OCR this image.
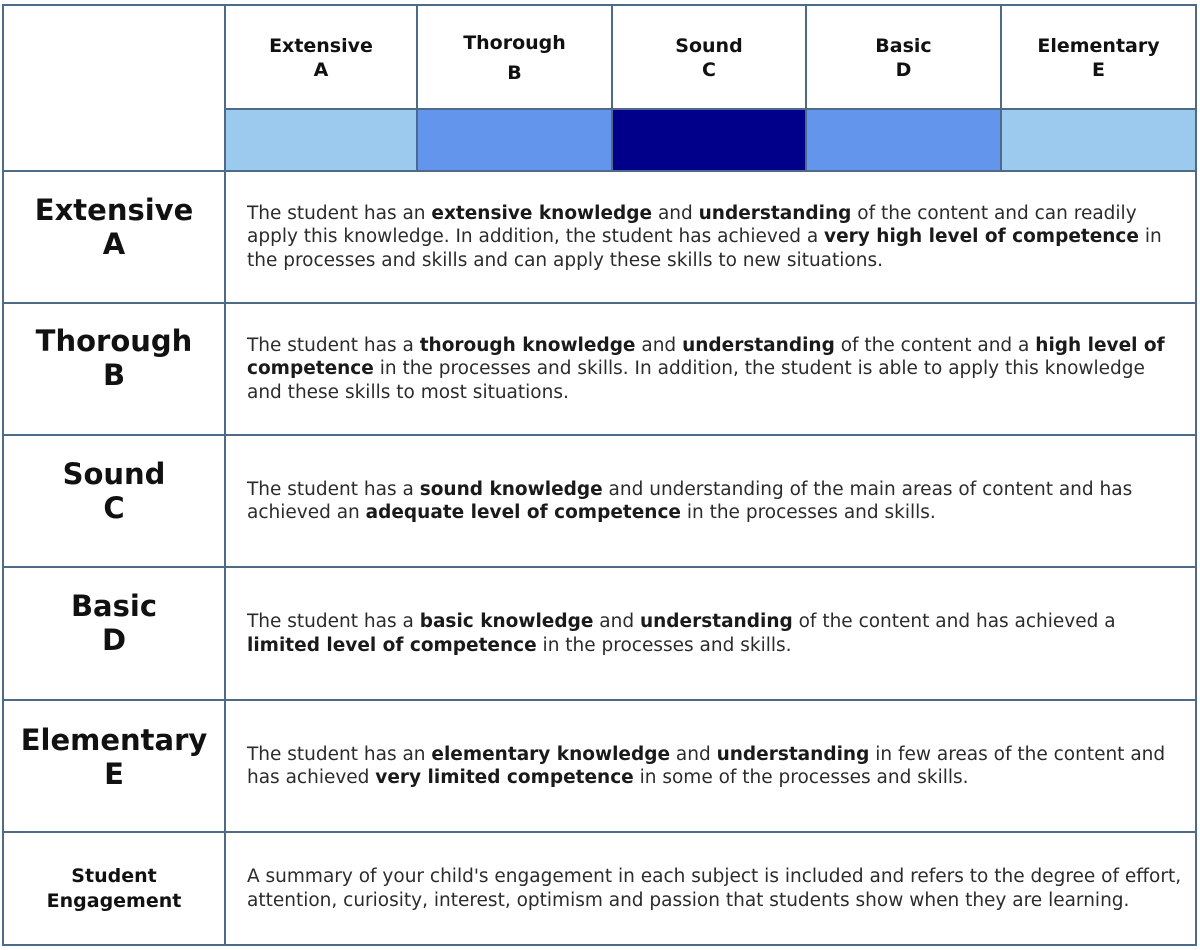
Extensive
A
Thorough
B
Sound
C
Basic
D
Elementary
E
Extensive
A
Thorough
B
Sound
C
Basic
D
Elementary
E
Student
Engagement
The student has an extensive knowledge and understanding of the content and can readily apply this knowledge. In addition, the student has achieved a very high level of competence in the processes and skills and can apply these skills to new situations.
The student has a thorough knowledge and understanding of the content and a high level of competence in the processes and skills. In addition, the student is able to apply this knowledge and these skills to most situations.
The student has a sound knowledge and understanding of the main areas of content and has achieved an adequate level of competence in the processes and skills.
The student has a basic knowledge and understanding of the content and has achieved a limited level of competence in the processes and skills.
The student has an elementary knowledge and understanding in few areas of the content and has achieved very limited competence in some of the processes and skills.
A summary of your child's engagement in each subject is included and refers to the degree of effort, attention, curiosity, interest, optimism and passion that students show when they are learning.
